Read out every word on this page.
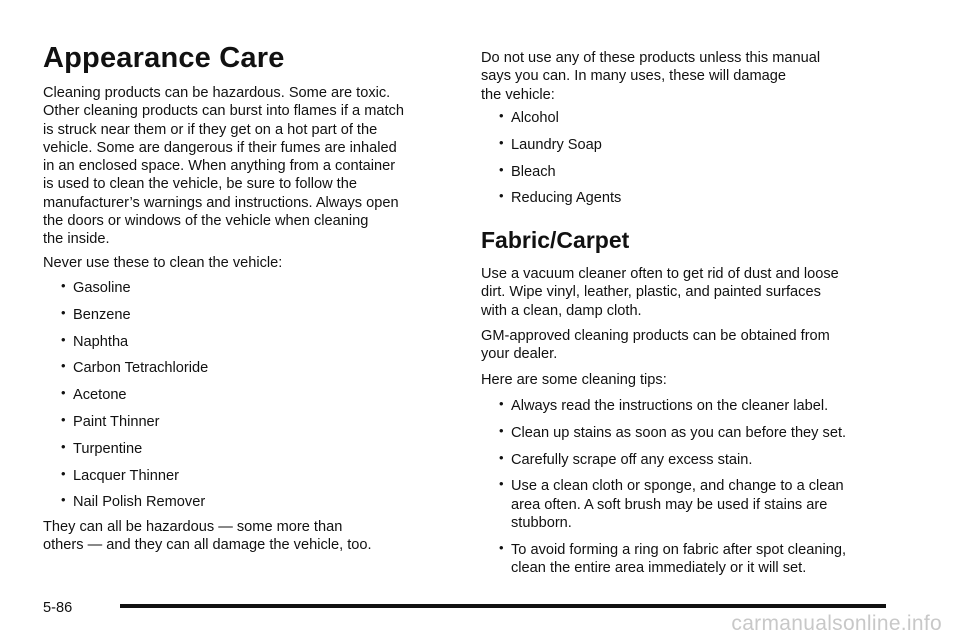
Appearance Care

Cleaning products can be hazardous. Some are toxic.
Other cleaning products can burst into flames if a match
is struck near them or if they get on a hot part of the
vehicle. Some are dangerous if their fumes are inhaled
in an enclosed space. When anything from a container
is used to clean the vehicle, be sure to follow the
manufacturer’s warnings and instructions. Always open
the doors or windows of the vehicle when cleaning
the inside.

Never use these to clean the vehicle:

• Gasoline
• Benzene
• Naphtha
• Carbon Tetrachloride
• Acetone
• Paint Thinner
• Turpentine
• Lacquer Thinner
• Nail Polish Remover

They can all be hazardous — some more than
others — and they can all damage the vehicle, too.

Do not use any of these products unless this manual
says you can. In many uses, these will damage
the vehicle:

• Alcohol
• Laundry Soap
• Bleach
• Reducing Agents
Fabric/Carpet

Use a vacuum cleaner often to get rid of dust and loose
dirt. Wipe vinyl, leather, plastic, and painted surfaces
with a clean, damp cloth.

GM-approved cleaning products can be obtained from
your dealer.

Here are some cleaning tips:

• Always read the instructions on the cleaner label.
• Clean up stains as soon as you can before they set.
• Carefully scrape off any excess stain.
• Use a clean cloth or sponge, and change to a clean
area often. A soft brush may be used if stains are
stubborn.
• To avoid forming a ring on fabric after spot cleaning,
clean the entire area immediately or it will set.
5-86
carmanualsonline.info
